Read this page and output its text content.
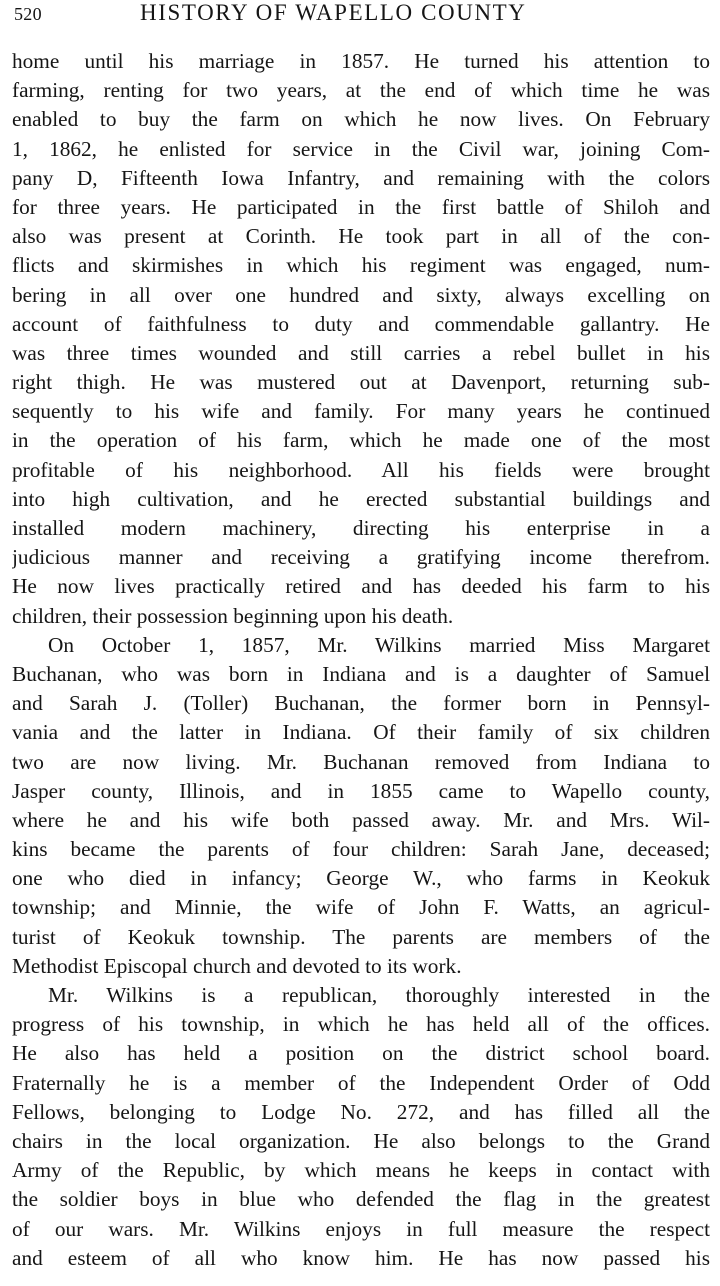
520	HISTORY OF WAPELLO COUNTY
home until his marriage in 1857. He turned his attention to
farming, renting for two years, at the end of which time he was
enabled to buy the farm on which he now lives. On February
1, 1862, he enlisted for service in the Civil war, joining Com-
pany D, Fifteenth Iowa Infantry, and remaining with the colors
for three years. He participated in the first battle of Shiloh and
also was present at Corinth. He took part in all of the con-
flicts and skirmishes in which his regiment was engaged, num-
bering in all over one hundred and sixty, always excelling on
account of faithfulness to duty and commendable gallantry. He
was three times wounded and still carries a rebel bullet in his
right thigh. He was mustered out at Davenport, returning sub-
sequently to his wife and family. For many years he continued
in the operation of his farm, which he made one of the most
profitable of his neighborhood. All his fields were brought
into high cultivation, and he erected substantial buildings and
installed modern machinery, directing his enterprise in a
judicious manner and receiving a gratifying income therefrom.
He now lives practically retired and has deeded his farm to his
children, their possession beginning upon his death.
On October 1, 1857, Mr. Wilkins married Miss Margaret
Buchanan, who was born in Indiana and is a daughter of Samuel
and Sarah J. (Toller) Buchanan, the former born in Pennsyl-
vania and the latter in Indiana. Of their family of six children
two are now living. Mr. Buchanan removed from Indiana to
Jasper county, Illinois, and in 1855 came to Wapello county,
where he and his wife both passed away. Mr. and Mrs. Wil-
kins became the parents of four children: Sarah Jane, deceased;
one who died in infancy; George W., who farms in Keokuk
township; and Minnie, the wife of John F. Watts, an agricul-
turist of Keokuk township. The parents are members of the
Methodist Episcopal church and devoted to its work.
Mr. Wilkins is a republican, thoroughly interested in the
progress of his township, in which he has held all of the offices.
He also has held a position on the district school board.
Fraternally he is a member of the Independent Order of Odd
Fellows, belonging to Lodge No. 272, and has filled all the
chairs in the local organization. He also belongs to the Grand
Army of the Republic, by which means he keeps in contact with
the soldier boys in blue who defended the flag in the greatest
of our wars. Mr. Wilkins enjoys in full measure the respect
and esteem of all who know him. He has now passed his
